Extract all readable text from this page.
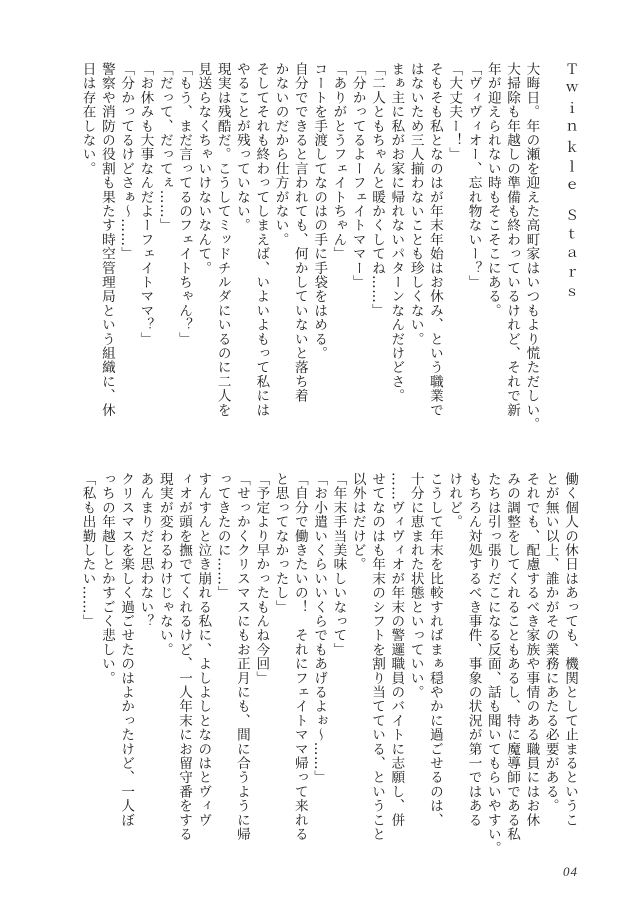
Ｔｗｉｎｋｌｅ Ｓｔａｒｓ

大晦日。年の瀬を迎えた高町家はいつもより慌ただしい。

大掃除も年越しの準備も終わっているけれど、それで新

年が迎えられない時もそこそこにある。

「ヴィヴィオー、忘れ物ないー？」

「大丈夫ー！」

そもそも私となのはが年末年始はお休み、という職業で

はないため三人揃わないことも珍しくない。

まぁ主に私がお家に帰れないパターンなんだけどさ。

「二人ともちゃんと暖かくしてね……」

「分かってるよーフェイトママー」

「ありがとうフェイトちゃん」

コートを手渡してなのはの手に手袋をはめる。

自分でできると言われても、何かしていないと落ち着

かないのだから仕方がない。

そしてそれも終わってしまえば、いよいよもって私には

やることが残っていない。

現実は残酷だ。こうしてミッドチルダにいるのに二人を

見送らなくちゃいけないなんて。

「もう、まだ言ってるのフェイトちゃん？」

「だって、だってぇ……」

「お休みも大事なんだよーフェイトママ？」

「分かってるけどさぁ～……」

警察や消防の役割も果たす時空管理局という組織に、休

日は存在しない。

働く個人の休日はあっても、機関として止まるというこ

とが無い以上、誰かがその業務にあたる必要がある。

それでも、配慮するべき家族や事情のある職員にはお休

みの調整をしてくれることもあるし、特に魔導師である私

たちは引っ張りだこになる反面、話も聞いてもらいやすい。

もちろん対処するべき事件、事象の状況が第一ではある

けれど。

こうして年末を比較すればまぁ穏やかに過ごせるのは、

十分に恵まれた状態といっていい。

……ヴィヴィオが年末の警邏職員のバイトに志願し、併

せてなのはも年末のシフトを割り当てている、ということ

以外はだけど。

「年末手当美味しいなって」

「お小遣いくらいいくらでもあげるよぉ～……」

「自分で働きたいの！　それにフェイトママ帰って来れる

と思ってなかったし」

「予定より早かったもんね今回」

「せっかくクリスマスにもお正月にも、間に合うように帰

ってきたのに……」

すんすんと泣き崩れる私に、よしよしとなのはとヴィヴ

ィオが頭を撫でてくれるけど、一人年末にお留守番をする

現実が変わるわけじゃない。

あんまりだと思わない？

クリスマスを楽しく過ごせたのはよかったけど、一人ぼ

っちの年越しとかすごく悲しい。

「私も出勤したい……」

04
